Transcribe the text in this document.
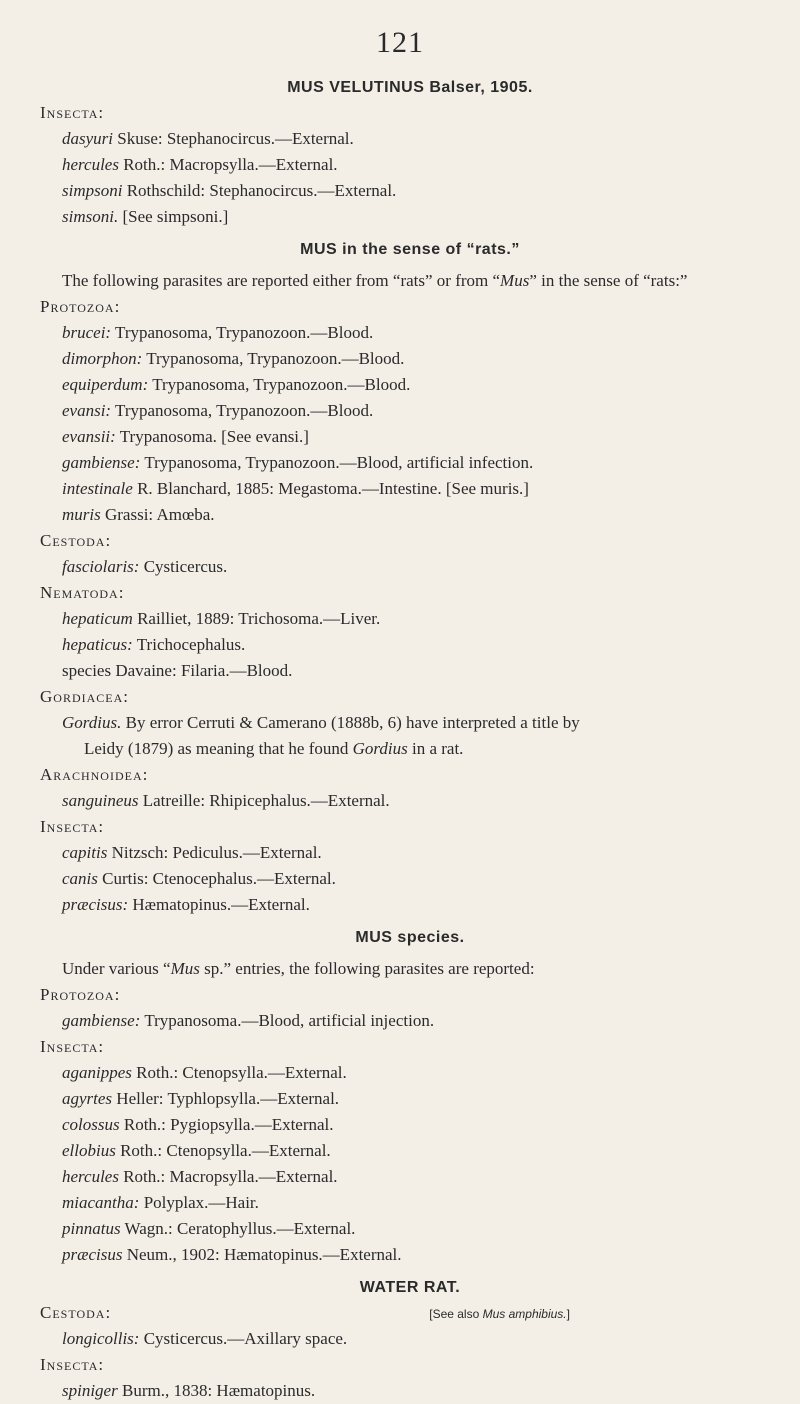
121

MUS VELUTINUS Balser, 1905.

Insecta:

dasyuri Skuse: Stephanocircus.—External.

hercules Roth.: Macropsylla.—External.

simpsoni Rothschild: Stephanocircus.—External.

simsoni. [See simpsoni.]

MUS in the sense of “rats.”

The following parasites are reported either from “rats” or from “Mus” in the sense of “rats:”

Protozoa:

brucei: Trypanosoma, Trypanozoon.—Blood.

dimorphon: Trypanosoma, Trypanozoon.—Blood.

equiperdum: Trypanosoma, Trypanozoon.—Blood.

evansi: Trypanosoma, Trypanozoon.—Blood.

evansii: Trypanosoma. [See evansi.]

gambiense: Trypanosoma, Trypanozoon.—Blood, artificial infection.

intestinale R. Blanchard, 1885: Megastoma.—Intestine. [See muris.]

muris Grassi: Amœba.

Cestoda:

fasciolaris: Cysticercus.

Nematoda:

hepaticum Railliet, 1889: Trichosoma.—Liver.

hepaticus: Trichocephalus.

species Davaine: Filaria.—Blood.

Gordiacea:

Gordius. By error Cerruti & Camerano (1888b, 6) have interpreted a title by
Leidy (1879) as meaning that he found Gordius in a rat.

Arachnoidea:

sanguineus Latreille: Rhipicephalus.—External.

Insecta:

capitis Nitzsch: Pediculus.—External.

canis Curtis: Ctenocephalus.—External.

præcisus: Hæmatopinus.—External.

MUS species.

Under various “Mus sp.” entries, the following parasites are reported:

Protozoa:

gambiense: Trypanosoma.—Blood, artificial injection.

Insecta:

aganippes Roth.: Ctenopsylla.—External.

agyrtes Heller: Typhlopsylla.—External.

colossus Roth.: Pygiopsylla.—External.

ellobius Roth.: Ctenopsylla.—External.

hercules Roth.: Macropsylla.—External.

miacantha: Polyplax.—Hair.

pinnatus Wagn.: Ceratophyllus.—External.

præcisus Neum., 1902: Hæmatopinus.—External.

WATER RAT.

Cestoda:	[See also Mus amphibius.]

longicollis: Cysticercus.—Axillary space.

Insecta:

spiniger Burm., 1838: Hæmatopinus.
